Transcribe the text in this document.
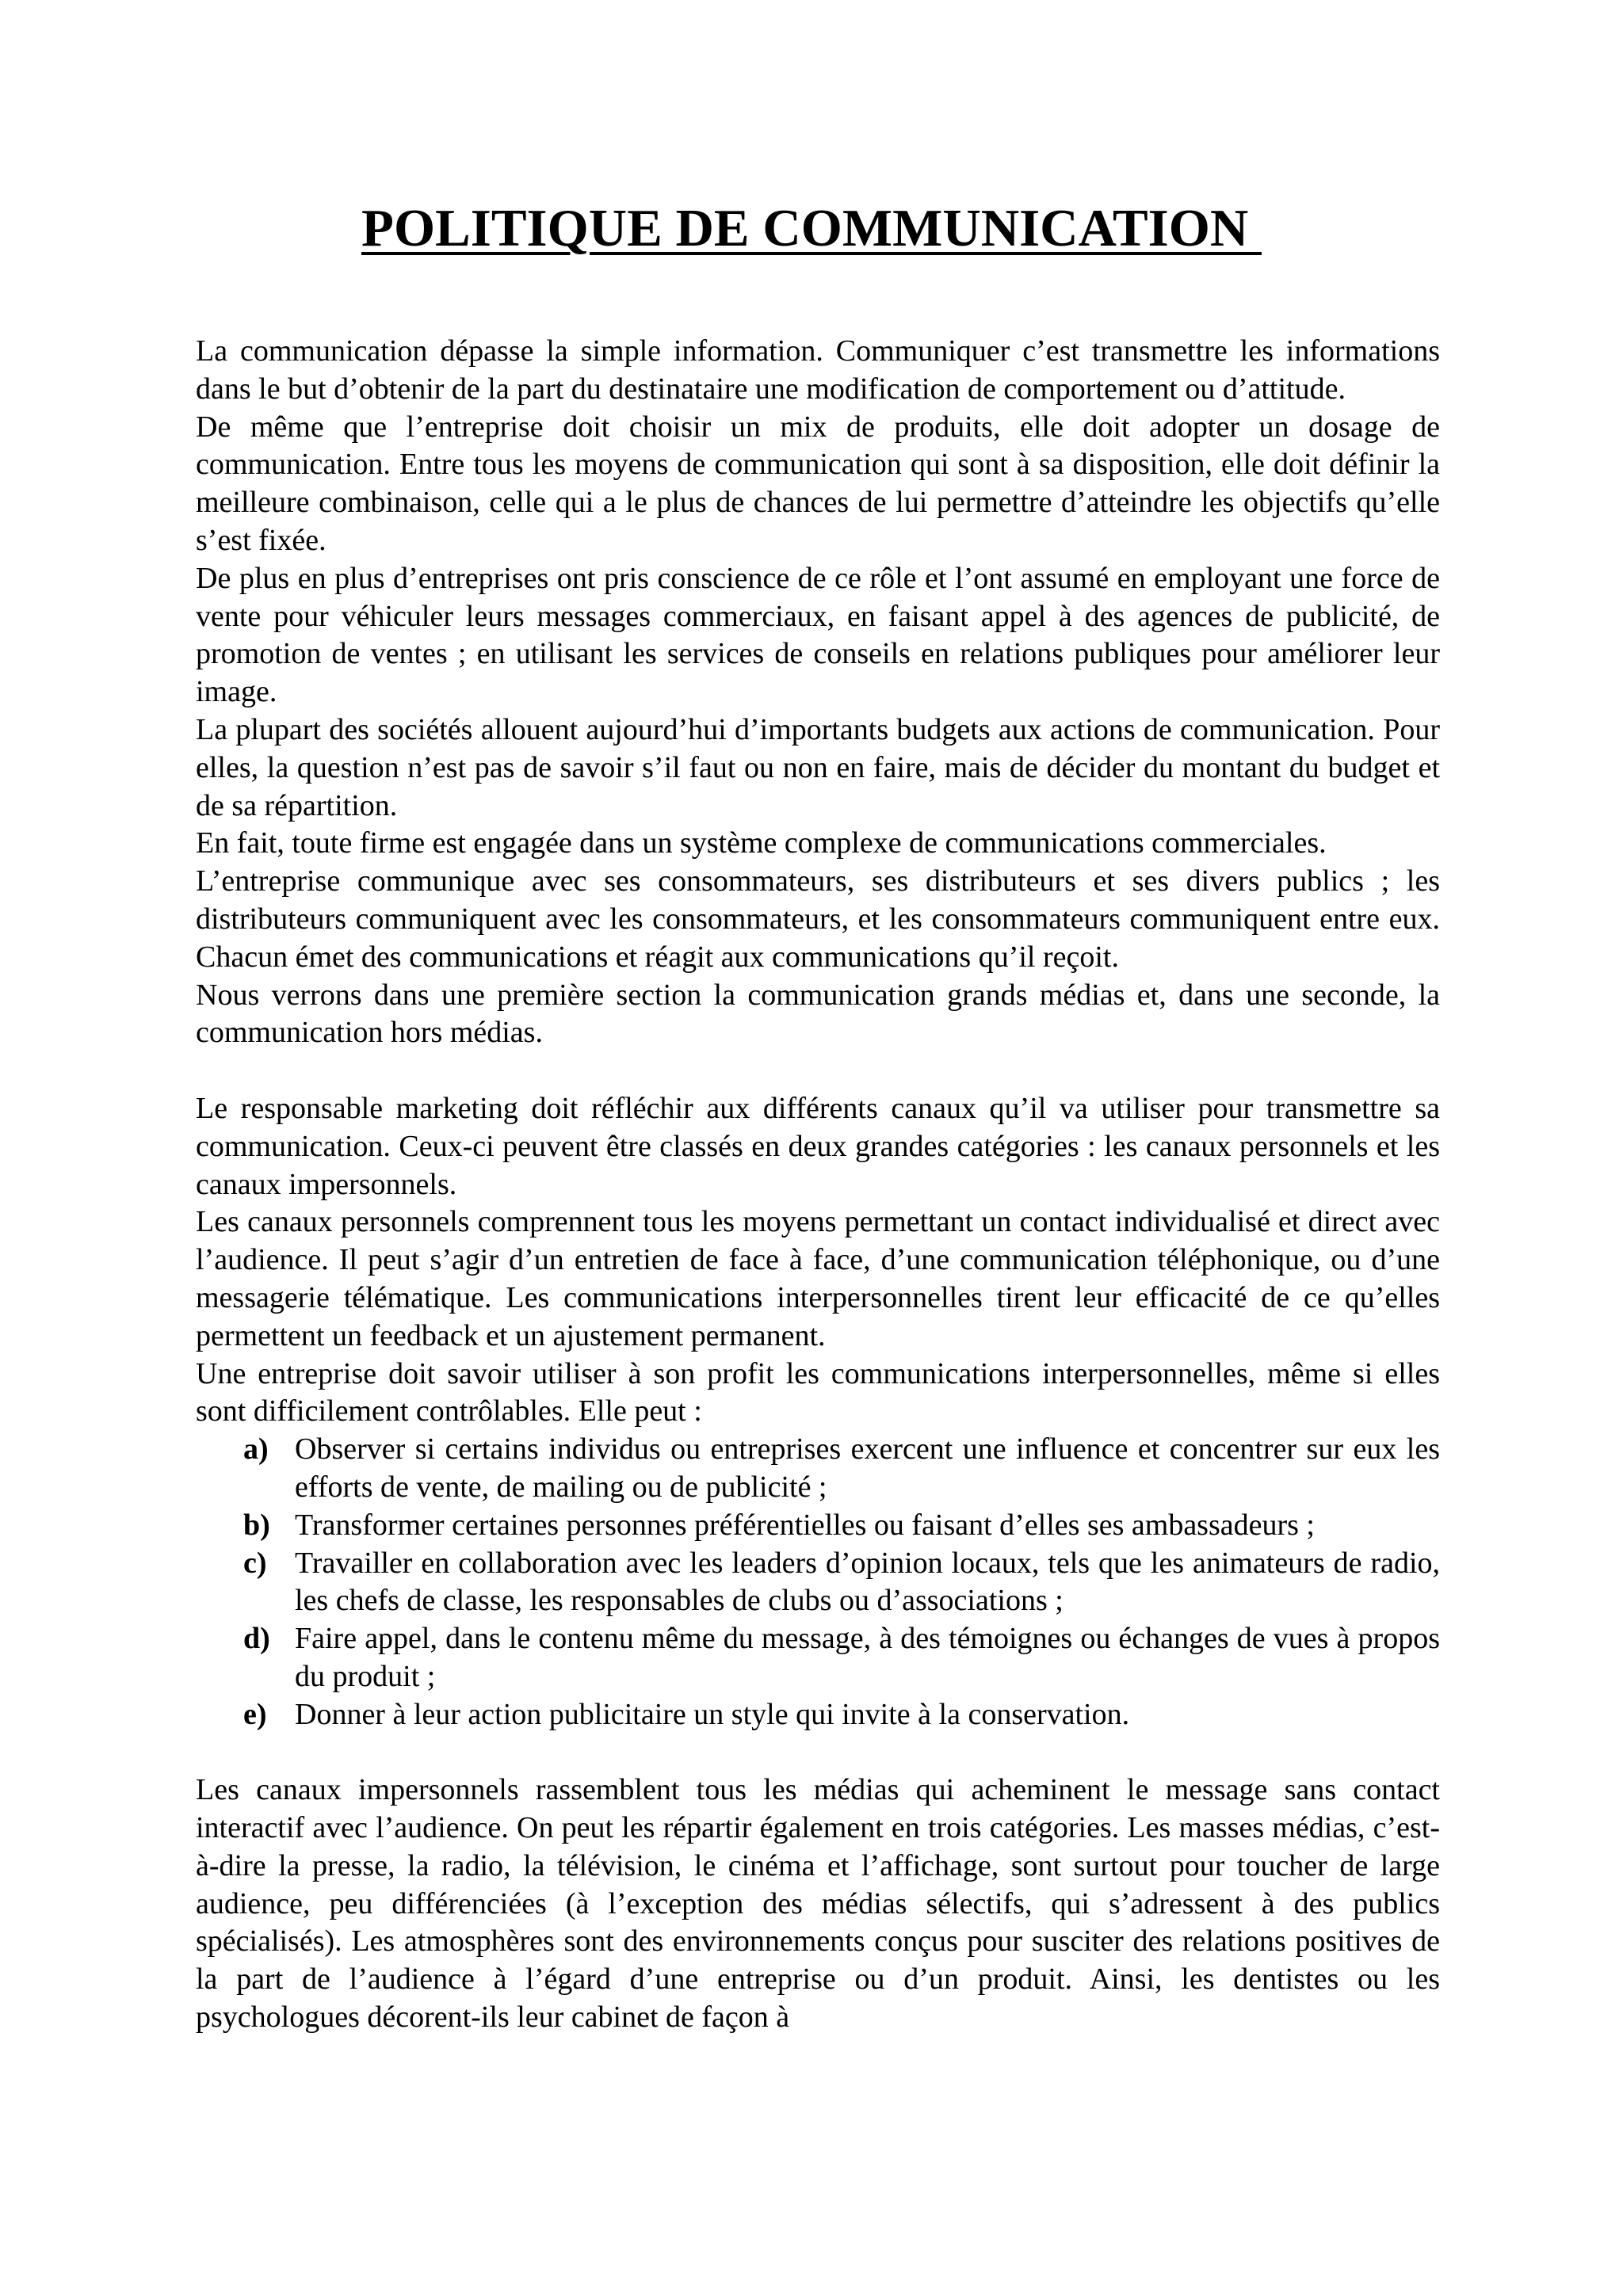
POLITIQUE DE COMMUNICATION

La communication dépasse la simple information. Communiquer c’est transmettre les informations dans le but d’obtenir de la part du destinataire une modification de comportement ou d’attitude.

De même que l’entreprise doit choisir un mix de produits, elle doit adopter un dosage de communication. Entre tous les moyens de communication qui sont à sa disposition, elle doit définir la meilleure combinaison, celle qui a le plus de chances de lui permettre d’atteindre les objectifs qu’elle s’est fixée.

De plus en plus d’entreprises ont pris conscience de ce rôle et l’ont assumé en employant une force de vente pour véhiculer leurs messages commerciaux, en faisant appel à des agences de publicité, de promotion de ventes ; en utilisant les services de conseils en relations publiques pour améliorer leur image.

La plupart des sociétés allouent aujourd’hui d’importants budgets aux actions de communication. Pour elles, la question n’est pas de savoir s’il faut ou non en faire, mais de décider du montant du budget et de sa répartition.

En fait, toute firme est engagée dans un système complexe de communications commerciales.

L’entreprise communique avec ses consommateurs, ses distributeurs et ses divers publics ; les distributeurs communiquent avec les consommateurs, et les consommateurs communiquent entre eux. Chacun émet des communications et réagit aux communications qu’il reçoit.

Nous verrons dans une première section la communication grands médias et, dans une seconde, la communication hors médias.

Le responsable marketing doit réfléchir aux différents canaux qu’il va utiliser pour transmettre sa communication. Ceux-ci peuvent être classés en deux grandes catégories : les canaux personnels et les canaux impersonnels.

Les canaux personnels comprennent tous les moyens permettant un contact individualisé et direct avec l’audience. Il peut s’agir d’un entretien de face à face, d’une communication téléphonique, ou d’une messagerie télématique. Les communications interpersonnelles tirent leur efficacité de ce qu’elles permettent un feedback et un ajustement permanent.

Une entreprise doit savoir utiliser à son profit les communications interpersonnelles, même si elles sont difficilement contrôlables. Elle peut :

a) Observer si certains individus ou entreprises exercent une influence et concentrer sur eux les efforts de vente, de mailing ou de publicité ;
b) Transformer certaines personnes préférentielles ou faisant d’elles ses ambassadeurs ;
c) Travailler en collaboration avec les leaders d’opinion locaux, tels que les animateurs de radio, les chefs de classe, les responsables de clubs ou d’associations ;
d) Faire appel, dans le contenu même du message, à des témoignes ou échanges de vues à propos du produit ;
e) Donner à leur action publicitaire un style qui invite à la conservation.

Les canaux impersonnels rassemblent tous les médias qui acheminent le message sans contact interactif avec l’audience. On peut les répartir également en trois catégories. Les masses médias, c’est-à-dire la presse, la radio, la télévision, le cinéma et l’affichage, sont surtout pour toucher de large audience, peu différenciées (à l’exception des médias sélectifs, qui s’adressent à des publics spécialisés). Les atmosphères sont des environnements conçus pour susciter des relations positives de la part de l’audience à l’égard d’une entreprise ou d’un produit. Ainsi, les dentistes ou les psychologues décorent-ils leur cabinet de façon à
